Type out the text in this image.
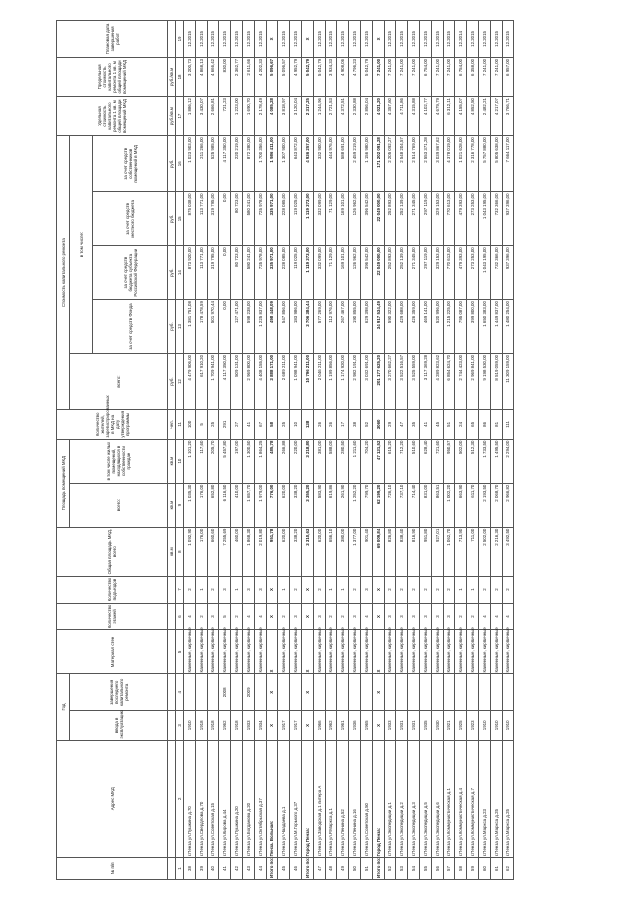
№ п/п	Адрес МКД	Год		Материал стен	Количество этажей	Количество подъездов	Общая площадь МКД, всего	Площадь помещений МКД		Количество жителей, зарегистрированных в МКД на дату утверждения программы	Стоимость капитального ремонта					Удельная стоимость капитального ремонта 1 кв. м общей площади помещений МКД	Предельная стоимость капитального ремонта 1 кв. м общей площади помещений МКД	Плановая дата завершения работ
		ввода в эксплуатацию	завершения последнего капитального ремонта					всего:	в том числе жилых помещений, находящихся в собственности граждан		всего:	в том числе:						
												за счет средств Фонда	за счет средств бюджета субъекта Российской Федерации	за счет средств местного бюджета	за счет средств собственников помещений в МКД			
							кв.м	кв.м	кв.м	чел.	руб.	руб.	руб.	руб.	руб.	руб./кв.м	руб./кв.м	
1	2	3	4	5	6	7	8	9	10	11	12	13	14	15	16	17	18	19
38	г.Пенза ул.Пушкина д.70	1910		Каменные, кирпичные	4	2	1 092,90	1 035,30	1 101,20	100	4 479 906,00	1 381 751,08	873 920,00	875 038,00	1 023 903,00	1 886,12	3 200,73	12.2015
39	г.Пенза ул.Свердлова д.70	1918		Каменные, кирпичные	2	1	176,00	176,00	117,60	5	617 910,20	178 478,59	113 771,00	113 771,00	211 266,00	3 430,07	4 868,13	12.2015
40	г.Пенза ул.Советская д.15	1918		Каменные, кирпичные	3	2	660,60	652,80	205,70	25	1 709 941,00	501 970,44	319 795,00	319 795,00	525 985,00	2 666,81	4 666,42	12.2015
41	г.Пенза ул.Кирова д.44	1962	2008	Каменные, кирпичные	5	3	7 255,69	6 116,50	5 457,80	291	4 117 350,00	0,00	0,00	0,00	4 117 350,00	721,23	830,00	12.2015
42	г.Пенза ул.Пушкина д.20	1918		Каменные, кирпичные	2	1	460,00	410,00	197,00	27	509 131,00	127 471,00	80 723,00	80 723,00	220 219,00	1 223,00	2 362,77	12.2015
43	г.Пенза ул.Богданова д.20	1933	2009	Каменные, кирпичные	4	3	1 868,30	1 657,70	1 300,50	41	2 969 800,00	598 238,00	580 241,00	580 241,00	872 280,00	1 690,70	2 611,66	12.2015
44	г.Пенза ул.Октябрьская д.37	1934		Каменные, кирпичные	4	3	2 019,80	1 979,00	1 864,25	67	4 408 155,00	1 225 837,00	725 978,00	725 978,00	1 700 356,00	2 178,49	4 202,33	12.2015
Итого по: Пенза. Вольная:		X	X	X	X	X	951,78	776,00	485,78	58	3 888 171,00	498 448,09	335 971,00	335 971,00	1 986 411,00	4 085,28	5 096,67	X
45	г.Пенза ул.Чаадаева д.1	1917		Каменные, кирпичные	2	1	620,00	620,00	266,88	25	2 689 211,00	547 856,00	228 085,00	228 085,00	1 307 900,00	3 818,97	5 096,57	12.2015
46	г.Пенза ул.М.Горького д.37	1917		Каменные, кирпичные	3	2	338,20	338,20	220,00	10	1 098 941,00	183 986,00	119 025,00	119 025,00	643 872,00	3 120,04	4 952,79	12.2015
Итого по: Город Пенза:		X	X	X	X	X	3 310,63	3 355,20	3 218,80	138	10 796 211,00	3 706 384,44	1 119 373,00	1 119 373,00	4 936 257,00	2 317,25	5 042,79	X
47	г.Пенза ул.Заводская д.1 литера А	1966		Каменные, кирпичные	3	2	620,00	583,90	381,00	26	2 046 211,00	577 269,00	332 099,00	332 099,00	332 900,00	1 244,96	5 042,79	12.2015
48	г.Пенза ул.Р.Маркса д.1	1962		Каменные, кирпичные	2	1	656,10	619,86	588,00	26	1 199 856,00	112 976,00	71 129,00	71 129,00	444 976,00	2 721,53	3 934,33	12.2015
49	г.Пенза ул.Ленина д.52	1961		Каменные, кирпичные	2	1	380,00	261,90	280,50	17	1 174 920,00	267 467,00	169 101,00	169 101,00	588 691,00	4 372,51	4 908,06	12.2015
50	г.Пенза ул.Ленина д.16	1936		Каменные, кирпичные	3	2	1 377,00	1 252,20	1 211,60	38	2 982 191,00	190 855,00	126 962,00	126 962,00	2 459 219,00	2 330,88	4 796,23	12.2015
51	г.Пенза ул.Советская д.50	1965		Каменные, кирпичные	4	3	901,40	799,70	704,20	52	3 032 691,00	629 398,00	396 542,00	396 542,00	1 156 980,00	2 856,04	5 042,79	12.2015
Итого по: Город Пенза:		X	X	X	X	X	69 009,84	62 199,20	47 131,52	3060	201 177 625,20	34 917 534,49	22 049 000,00	22 049 000,00	171 202 091,28	4 021,20	7 241,00	X
52	г.Пенза ул.Экспедиции д.1	1933		Каменные, кирпичные	3	2	826,80	726,10	615,20	29	3 270 662,27	590 322,00	252 893,00	252 893,00	2 205 092,27	4 357,60	7 241,00	12.2015
53	г.Пенза ул.Экспедиции д.2	1931		Каменные, кирпичные	3	2	838,40	737,10	712,20	47	3 522 516,57	429 688,00	252 139,00	252 139,00	2 548 204,57	4 711,86	7 241,00	12.2015
54	г.Пенза ул.Экспедиции д.3	1931		Каменные, кирпичные	3	2	816,90	714,40	510,60	35	3 525 559,00	426 359,00	271 345,00	271 345,00	2 514 769,00	4 315,88	7 241,00	12.2015
55	г.Пенза ул.Экспедиции д.5	1935		Каменные, кирпичные	3	2	951,80	831,00	628,40	41	3 117 369,28	469 141,00	297 119,00	297 119,00	2 553 371,28	4 102,77	6 754,00	12.2015
56	г.Пенза ул.Экспедиции д.6	1930		Каменные, кирпичные	3	2	927,01	863,51	721,60	45	4 289 823,62	520 996,00	329 153,00	329 153,00	3 039 867,62	4 679,79	7 241,00	12.2015
57	г.Пенза ул.Коммунистическая д.1	1921		Каменные, кирпичные	3	2	1 062,70	1 002,20	950,57	51	6 854 624,70	1 215 225,00	770 613,00	770 613,00	4 378 019,00	6 312,11	7 241,00	12.2015
58	г.Пенза ул.Коммунистическая д.4	1925		Каменные, кирпичные	2	1	713,90	663,90	502,00	24	2 744 423,00	795 087,00	479 393,00	479 393,00	1 021 628,00	4 155,07	6 754,00	12.2014
59	г.Пенза ул.Коммунистическая д.7	1923		Каменные, кирпичные	2	1	711,00	611,70	512,30	65	2 969 841,00	399 800,00	273 253,00	273 253,00	2 316 778,00	4 852,50	6 358,00	12.2015
60	г.Пенза ул.Маркса д.23	1910		Каменные, кирпичные	4	2	2 502,00	2 193,50	1 733,50	86	9 198 530,00	1 650 383,00	1 043 195,00	1 043 195,00	5 757 880,00	2 482,21	7 241,00	12.2015
61	г.Пенза ул.Маркса д.25	1910		Каменные, кирпичные	4	2	2 216,30	2 068,70	1 495,50	81	8 519 059,00	1 449 837,00	732 366,00	732 366,00	5 805 638,00	4 217,07	7 241,00	12.2015
62	г.Пенза ул.Маркса д.25	1910		Каменные, кирпичные	4	2	3 492,50	2 966,82	2 294,00	111	11 309 159,00	1 480 254,00	937 396,00	937 396,00	7 664 117,00	3 766,71	6 957,00	12.2015
